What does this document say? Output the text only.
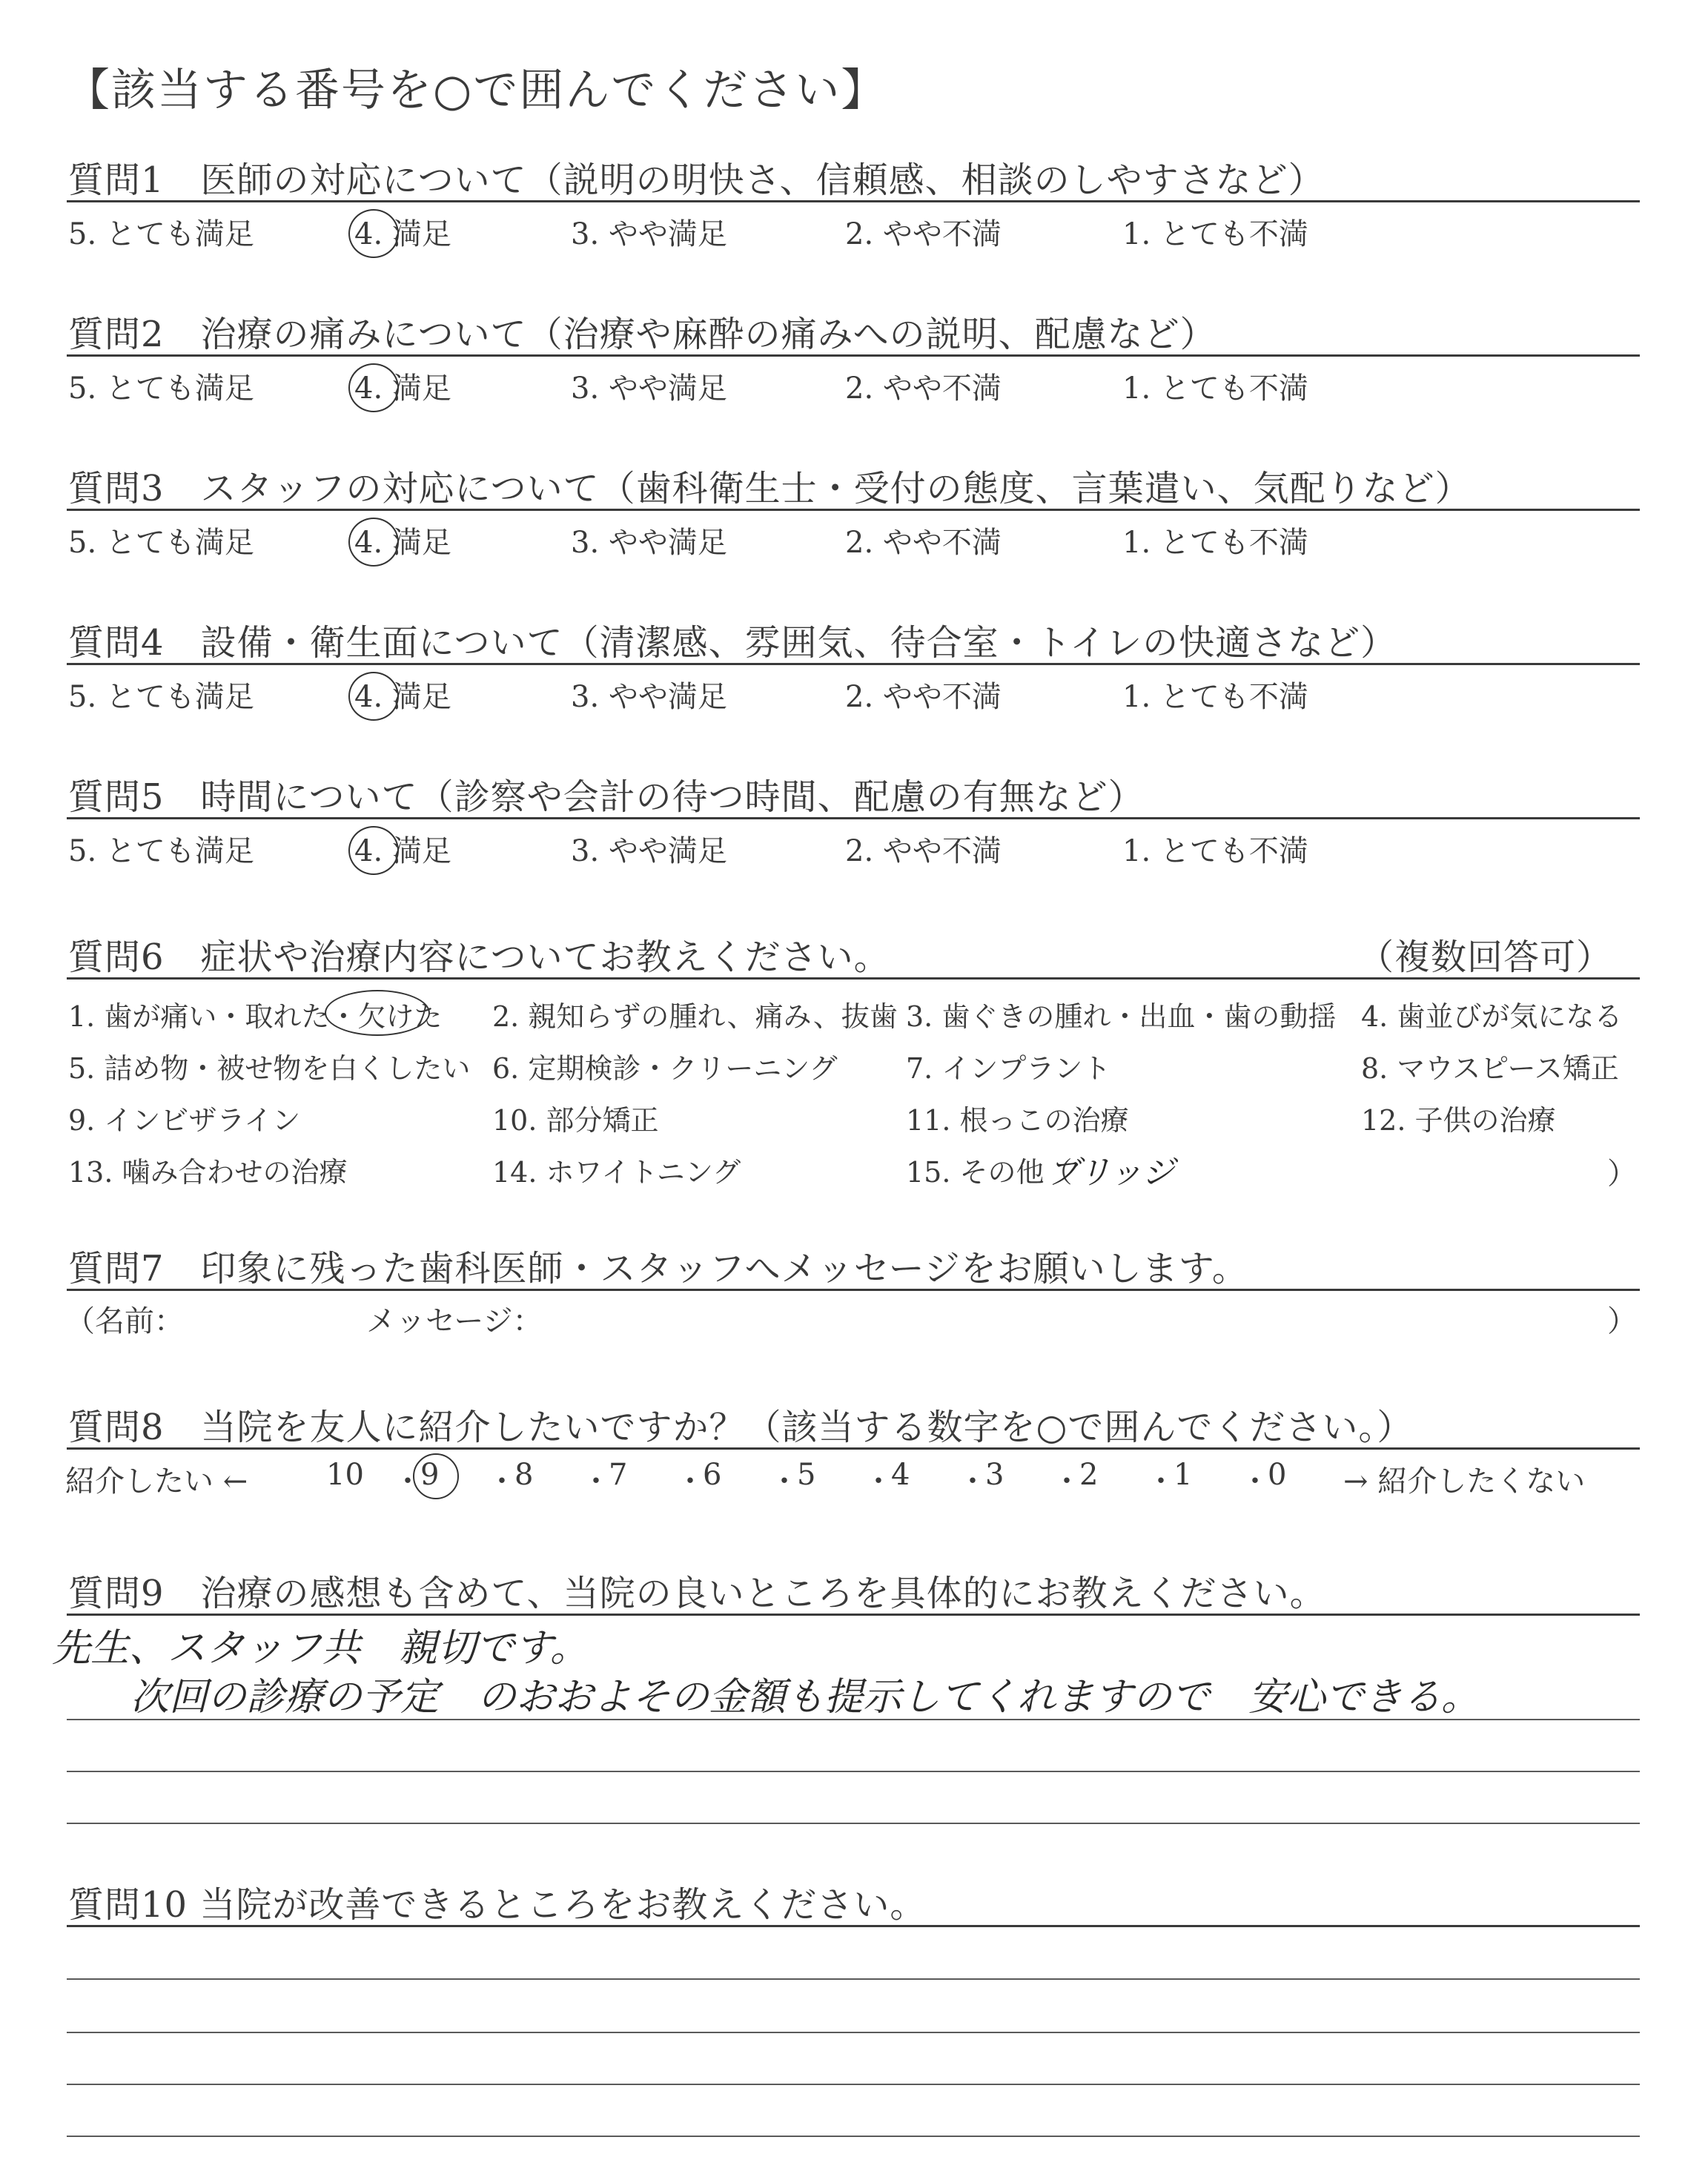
【該当する番号を○で囲んでください】
質問1　医師の対応について（説明の明快さ、信頼感、相談のしやすさなど）
5. とても満足	4. 満足	3. やや満足	2. やや不満	1. とても不満
質問2　治療の痛みについて（治療や麻酔の痛みへの説明、配慮など）
5. とても満足	4. 満足	3. やや満足	2. やや不満	1. とても不満
質問3　スタッフの対応について（歯科衛生士・受付の態度、言葉遣い、気配りなど）
5. とても満足	4. 満足	3. やや満足	2. やや不満	1. とても不満
質問4　設備・衛生面について（清潔感、雰囲気、待合室・トイレの快適さなど）
5. とても満足	4. 満足	3. やや満足	2. やや不満	1. とても不満
質問5　時間について（診察や会計の待つ時間、配慮の有無など）
5. とても満足	4. 満足	3. やや満足	2. やや不満	1. とても不満
質問6　症状や治療内容についてお教えください。	（複数回答可）
1. 歯が痛い・取れた・欠けた 2. 親知らずの腫れ、痛み、抜歯 3. 歯ぐきの腫れ・出血・歯の動揺 4. 歯並びが気になる
5. 詰め物・被せ物を白くしたい 6. 定期検診・クリーニング 7. インプラント	8. マウスピース矯正
9. インビザライン	10. 部分矯正	11. 根っこの治療	12. 子供の治療
13. 噛み合わせの治療	14. ホワイトニング	15. その他（
ブリッジ	）
質問7　印象に残った歯科医師・スタッフへメッセージをお願いします。
（名前：	メッセージ：	）
質問8　当院を友人に紹介したいですか？（該当する数字を○で囲んでください。）
紹介したい ←	→ 紹介したくない
10 ・
9 ・
8 ・
7 ・
6 ・
5 ・
4 ・
3 ・
2 ・
1 ・
0
質問9　治療の感想も含めて、当院の良いところを具体的にお教えください。
先生、スタッフ共　親切です。
次回の診療の予定　のおおよその金額も提示してくれますので　安心できる。
質問10 当院が改善できるところをお教えください。
